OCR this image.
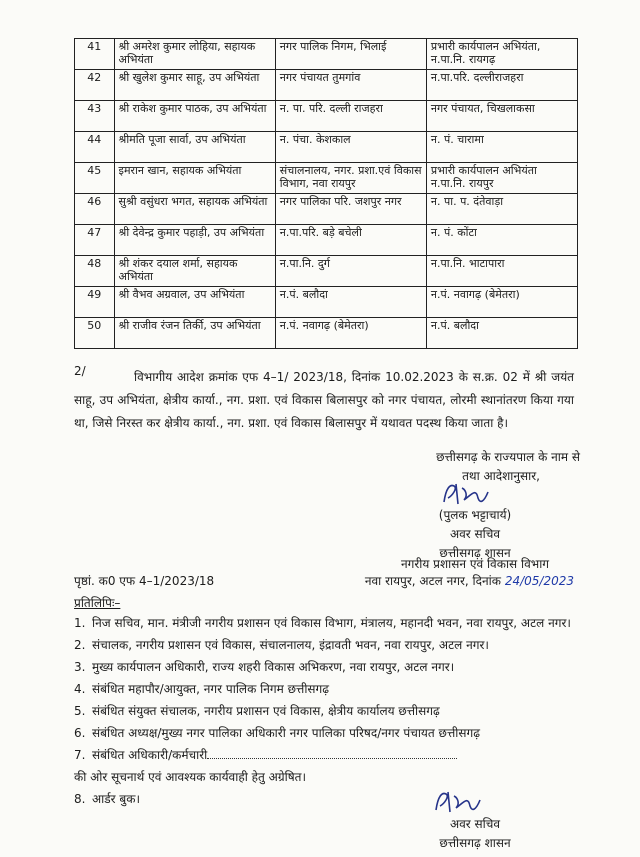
41	श्री अमरेश कुमार लोहिया, सहायक अभियंता	नगर पालिक निगम, भिलाई	प्रभारी कार्यपालन अभियंता, न.पा.नि. रायगढ़
42	श्री खुलेश कुमार साहू, उप अभियंता	नगर पंचायत तुमगांव	न.पा.परि. दल्लीराजहरा
43	श्री राकेश कुमार पाठक, उप अभियंता	न. पा. परि. दल्ली राजहरा	नगर पंचायत, चिखलाकसा
44	श्रीमति पूजा सार्वा, उप अभियंता	न. पंचा. केशकाल	न. पं. चारामा
45	इमरान खान, सहायक अभियंता	संचालनालय, नगर. प्रशा.एवं विकास विभाग, नवा रायपुर	प्रभारी कार्यपालन अभियंता न.पा.नि. रायपुर
46	सुश्री वसुंधरा भगत, सहायक अभियंता	नगर पालिका परि. जशपुर नगर	न. पा. प. दंतेवाड़ा
47	श्री देवेन्द्र कुमार पहाड़ी, उप अभियंता	न.पा.परि. बड़े बचेली	न. पं. कोंटा
48	श्री शंकर दयाल शर्मा, सहायक अभियंता	न.पा.नि. दुर्ग	न.पा.नि. भाटापारा
49	श्री वैभव अग्रवाल, उप अभियंता	न.पं. बलौदा	न.पं. नवागढ़ (बेमेतरा)
50	श्री राजीव रंजन तिर्की, उप अभियंता	न.पं. नवागढ़ (बेमेतरा)	न.पं. बलौदा
2/	विभागीय आदेश क्रमांक एफ 4–1/ 2023/18, दिनांक 10.02.2023 के स.क्र. 02 में श्री जयंत साहू, उप अभियंता, क्षेत्रीय कार्या., नग. प्रशा. एवं विकास बिलासपुर को नगर पंचायत, लोरमी स्थानांतरण किया गया था, जिसे निरस्त कर क्षेत्रीय कार्या., नग. प्रशा. एवं विकास बिलासपुर में यथावत पदस्थ किया जाता है।
छत्तीसगढ़ के राज्यपाल के नाम से
तथा आदेशानुसार,
(पुलक भट्टाचार्य)
अवर सचिव
छत्तीसगढ़ शासन
नगरीय प्रशासन एवं विकास विभाग
पृष्ठां. क0 एफ 4–1/2023/18	नवा रायपुर, अटल नगर, दिनांक 24/05/2023
प्रतिलिपिः–
1. निज सचिव, मान. मंत्रीजी नगरीय प्रशासन एवं विकास विभाग, मंत्रालय, महानदी भवन, नवा रायपुर, अटल नगर।
2. संचालक, नगरीय प्रशासन एवं विकास, संचालनालय, इंद्रावती भवन, नवा रायपुर, अटल नगर।
3. मुख्य कार्यपालन अधिकारी, राज्य शहरी विकास अभिकरण, नवा रायपुर, अटल नगर।
4. संबंधित महापौर/आयुक्त, नगर पालिक निगम छत्तीसगढ़
5. संबंधित संयुक्त संचालक, नगरीय प्रशासन एवं विकास, क्षेत्रीय कार्यालय छत्तीसगढ़
6. संबंधित अध्यक्ष/मुख्य नगर पालिका अधिकारी नगर पालिका परिषद/नगर पंचायत छत्तीसगढ़
7. संबंधित अधिकारी/कर्मचारी
की ओर सूचनार्थ एवं आवश्यक कार्यवाही हेतु अग्रेषित।
8. आर्डर बुक।
अवर सचिव
छत्तीसगढ़ शासन
